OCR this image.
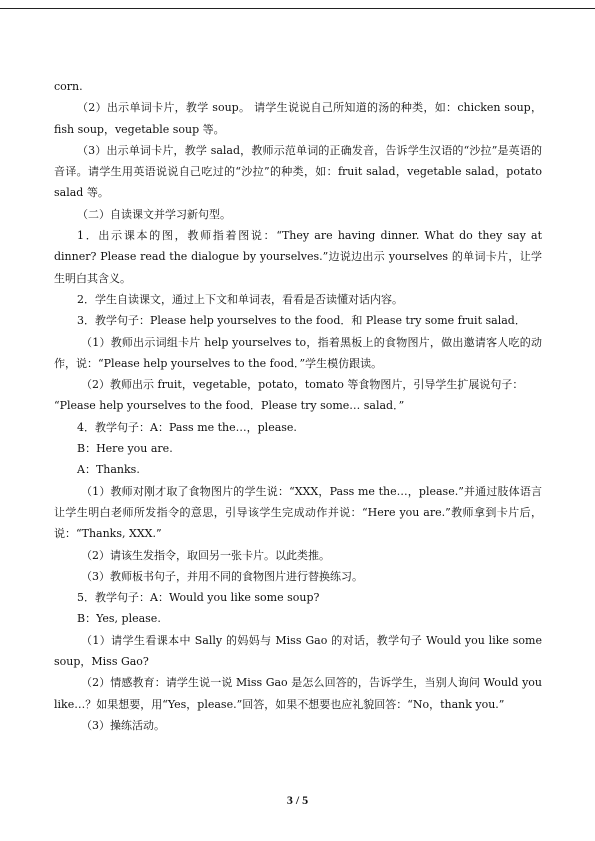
corn.

（2）出示单词卡片，教学 soup。 请学生说说自己所知道的汤的种类，如：chicken soup，fish soup，vegetable soup 等。

（3）出示单词卡片，教学 salad，教师示范单词的正确发音，告诉学生汉语的“沙拉”是英语的音译。请学生用英语说说自己吃过的“沙拉”的种类，如：fruit salad，vegetable salad，potato salad 等。

（二）自读课文并学习新句型。

1．出示课本的图，教师指着图说：“They are having dinner. What do they say at dinner? Please read the dialogue by yourselves.”边说边出示 yourselves 的单词卡片，让学生明白其含义。

2．学生自读课文，通过上下文和单词表，看看是否读懂对话内容。

3．教学句子：Please help yourselves to the food．和 Please try some fruit salad．

（1）教师出示词组卡片 help yourselves to，指着黑板上的食物图片，做出邀请客人吃的动作，说：“Please help yourselves to the food．”学生模仿跟读。

（2）教师出示 fruit，vegetable，potato，tomato 等食物图片，引导学生扩展说句子：

“Please help yourselves to the food．Please try some… salad．”

4．教学句子：A：Pass me the…，please.

B：Here you are.

A：Thanks.

（1）教师对刚才取了食物图片的学生说：“XXX，Pass me the…，please.”并通过肢体语言让学生明白老师所发指令的意思，引导该学生完成动作并说：“Here you are.”教师拿到卡片后，说：“Thanks, XXX.”

（2）请该生发指令，取回另一张卡片。以此类推。

（3）教师板书句子，并用不同的食物图片进行替换练习。

5．教学句子：A：Would you like some soup?

B：Yes, please.

（1）请学生看课本中 Sally 的妈妈与 Miss Gao 的对话，教学句子 Would you like some soup，Miss Gao?

（2）情感教育：请学生说一说 Miss Gao 是怎么回答的，告诉学生，当别人询问 Would you like…？如果想要，用“Yes，please.”回答，如果不想要也应礼貌回答：“No，thank you.”

（3）操练活动。

3 / 5
